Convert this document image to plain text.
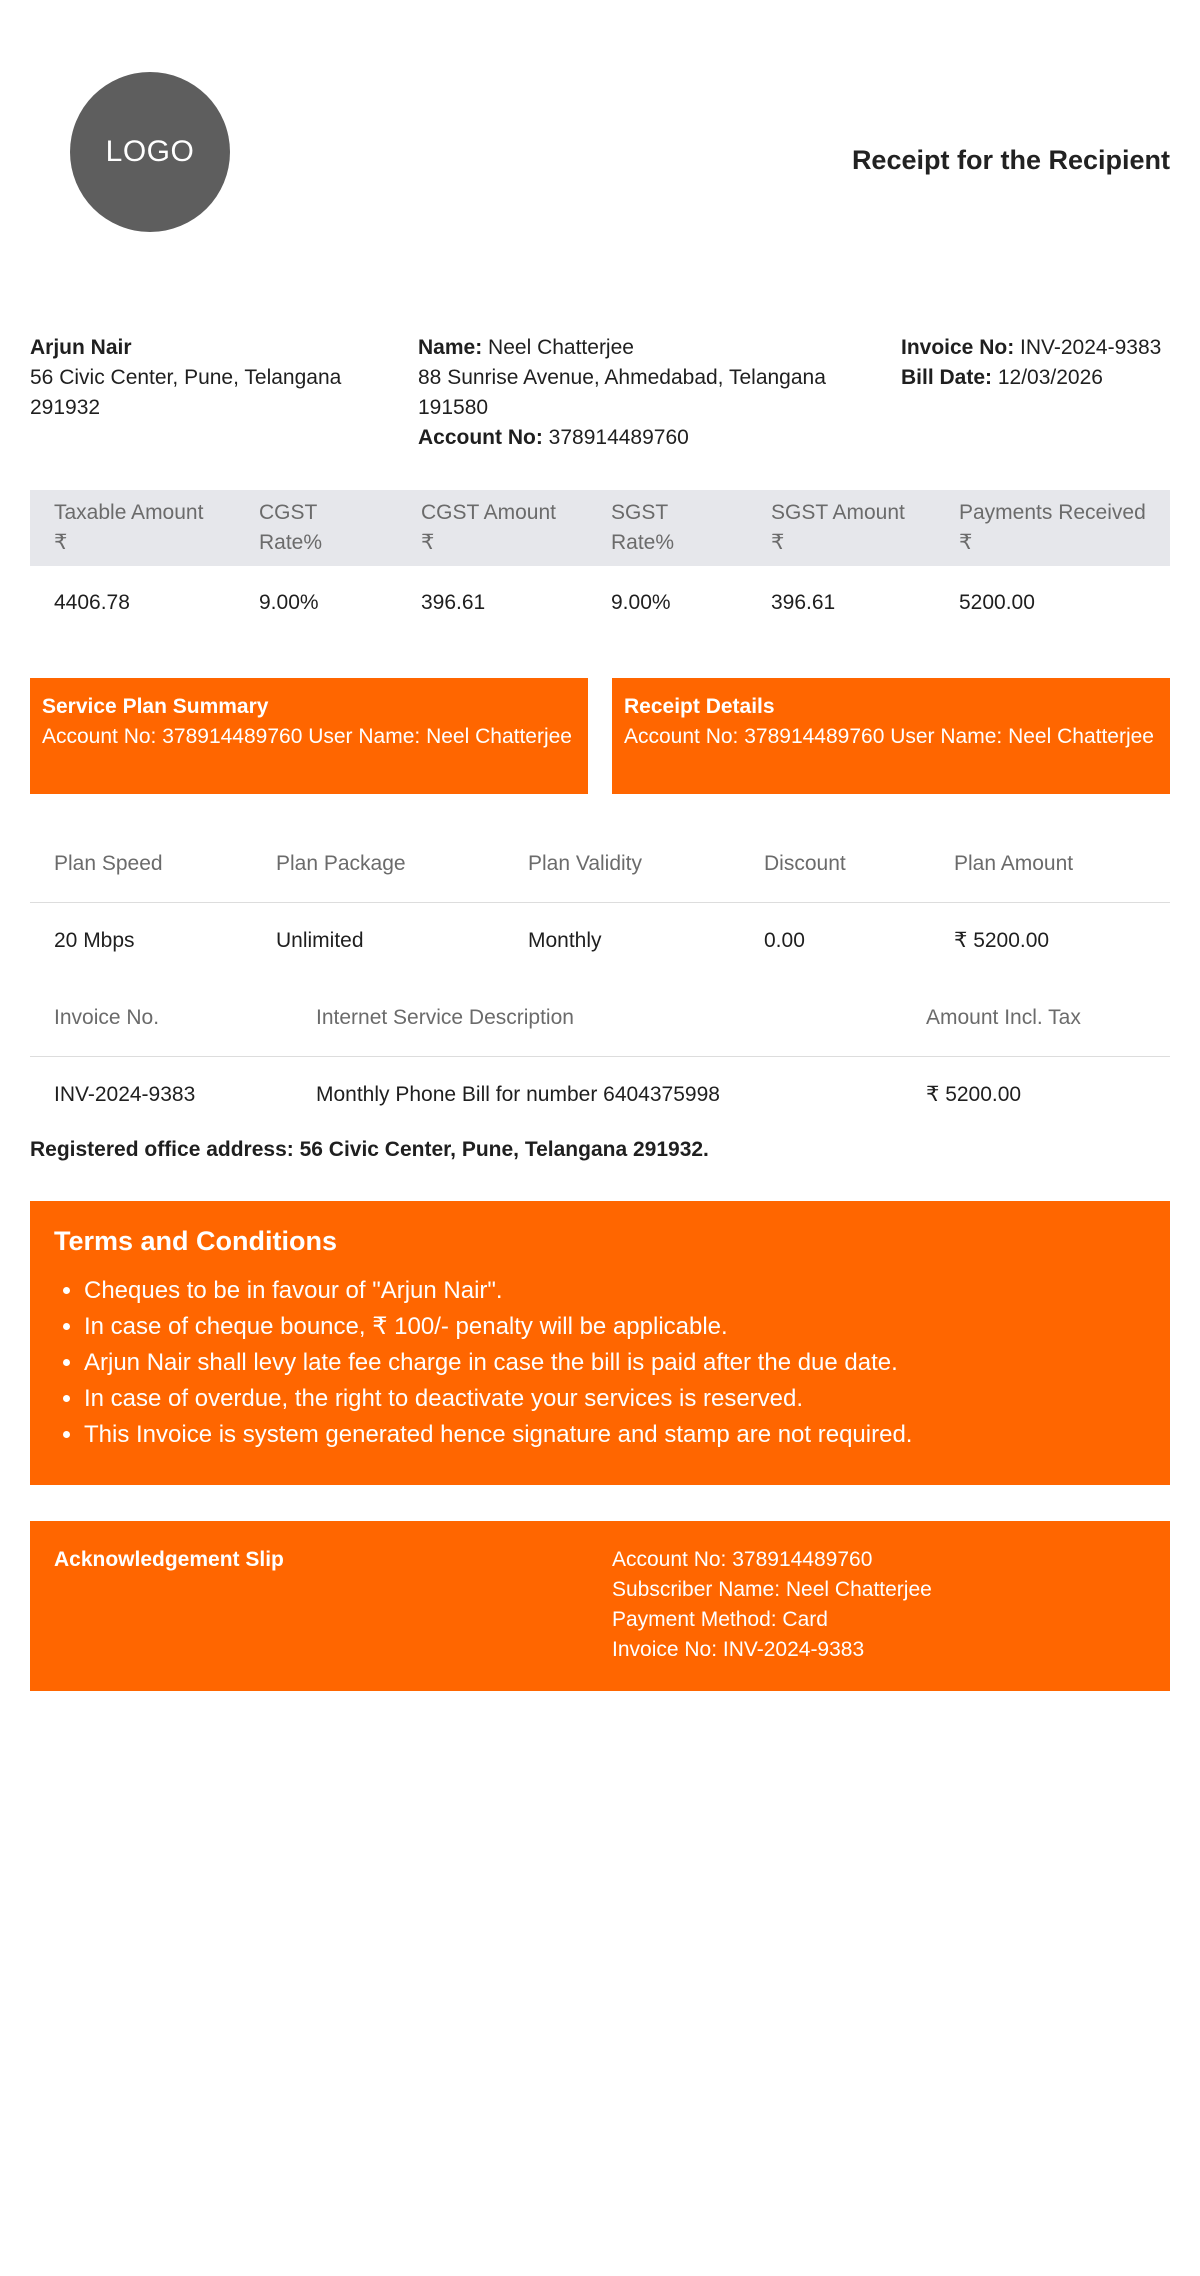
LOGO	Receipt for the Recipient
Arjun Nair
56 Civic Center, Pune, Telangana 291932
Name: Neel Chatterjee
88 Sunrise Avenue, Ahmedabad, Telangana 191580
Account No: 378914489760
Invoice No: INV-2024-9383
Bill Date: 12/03/2026
Taxable Amount ₹	CGST Rate%	CGST Amount ₹	SGST Rate%	SGST Amount ₹	Payments Received ₹
4406.78	9.00%	396.61	9.00%	396.61	5200.00
Service Plan Summary
Account No: 378914489760 User Name: Neel Chatterjee
Receipt Details
Account No: 378914489760 User Name: Neel Chatterjee
Plan Speed	Plan Package	Plan Validity	Discount	Plan Amount
20 Mbps	Unlimited	Monthly	0.00	₹ 5200.00
Invoice No.	Internet Service Description	Amount Incl. Tax
INV-2024-9383	Monthly Phone Bill for number 6404375998	₹ 5200.00
Registered office address: 56 Civic Center, Pune, Telangana 291932.
Terms and Conditions
• Cheques to be in favour of "Arjun Nair".
• In case of cheque bounce, ₹ 100/- penalty will be applicable.
• Arjun Nair shall levy late fee charge in case the bill is paid after the due date.
• In case of overdue, the right to deactivate your services is reserved.
• This Invoice is system generated hence signature and stamp are not required.
Acknowledgement Slip	Account No: 378914489760
Subscriber Name: Neel Chatterjee
Payment Method: Card
Invoice No: INV-2024-9383
